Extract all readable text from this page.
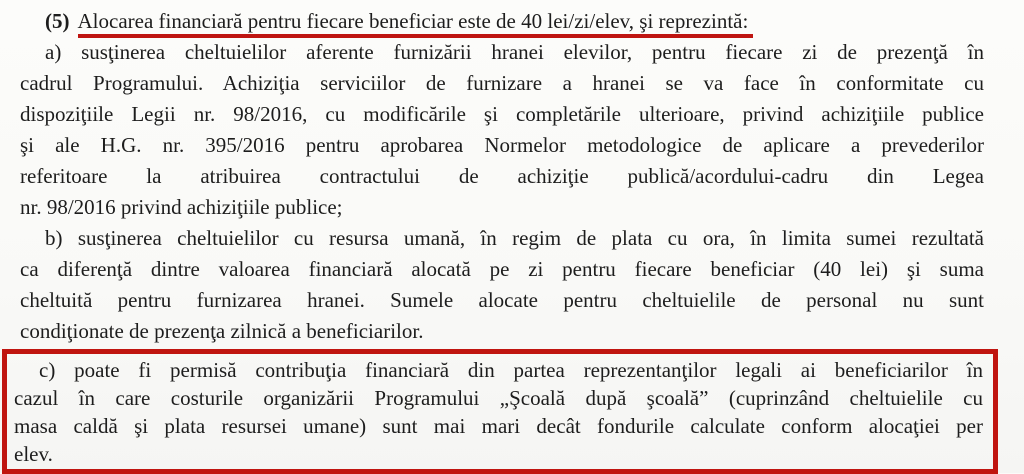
(5) Alocarea financiară pentru fiecare beneficiar este de 40 lei/zi/elev, şi reprezintă:
a) susţinerea cheltuielilor aferente furnizării hranei elevilor, pentru fiecare zi de prezenţă în
cadrul Programului. Achiziţia serviciilor de furnizare a hranei se va face în conformitate cu
dispoziţiile Legii nr. 98/2016, cu modificările şi completările ulterioare, privind achiziţiile publice
şi ale H.G. nr. 395/2016 pentru aprobarea Normelor metodologice de aplicare a prevederilor
referitoare la atribuirea contractului de achiziţie publică/acordului-cadru din Legea
nr. 98/2016 privind achiziţiile publice;
b) susţinerea cheltuielilor cu resursa umană, în regim de plata cu ora, în limita sumei rezultată
ca diferenţă dintre valoarea financiară alocată pe zi pentru fiecare beneficiar (40 lei) şi suma
cheltuită pentru furnizarea hranei. Sumele alocate pentru cheltuielile de personal nu sunt
condiţionate de prezenţa zilnică a beneficiarilor.
c) poate fi permisă contribuţia financiară din partea reprezentanţilor legali ai beneficiarilor în
cazul în care costurile organizării Programului „Şcoală după şcoală” (cuprinzând cheltuielile cu
masa caldă şi plata resursei umane) sunt mai mari decât fondurile calculate conform alocaţiei per
elev.
